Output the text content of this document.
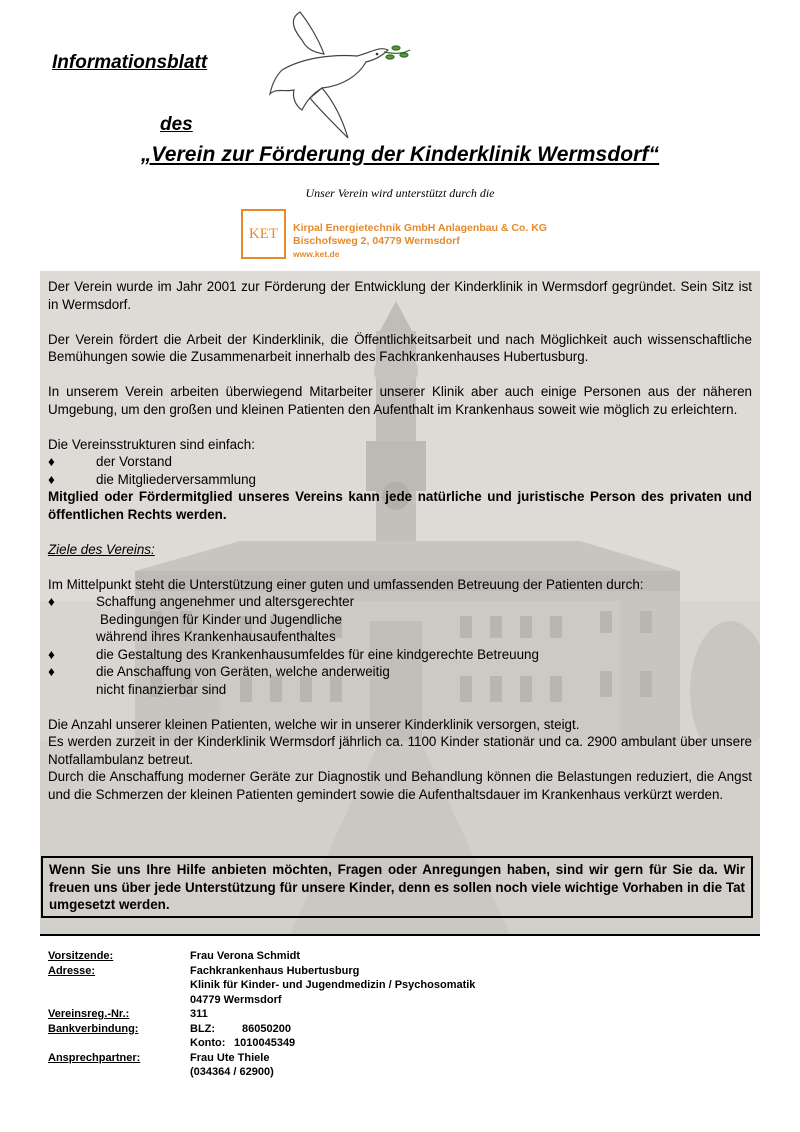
Informationsblatt
des
„Verein zur Förderung der Kinderklinik Wermsdorf“
Unser Verein wird unterstützt durch die
KET	Kirpal Energietechnik GmbH Anlagenbau & Co. KG
Bischofsweg 2, 04779 Wermsdorf
www.ket.de

Der Verein wurde im Jahr 2001 zur Förderung der Entwicklung der Kinderklinik in Wermsdorf gegründet. Sein Sitz ist in Wermsdorf.

Der Verein fördert die Arbeit der Kinderklinik, die Öffentlichkeitsarbeit und nach Möglichkeit auch wissenschaftliche Bemühungen sowie die Zusammenarbeit innerhalb des Fachkrankenhauses Hubertusburg.

In unserem Verein arbeiten überwiegend Mitarbeiter unserer Klinik aber auch einige Personen aus der näheren Umgebung, um den großen und kleinen Patienten den Aufenthalt im Krankenhaus soweit wie möglich zu erleichtern.

Die Vereinsstrukturen sind einfach:

♦	der Vorstand
♦	die Mitgliederversammlung

Mitglied oder Fördermitglied unseres Vereins kann jede natürliche und juristische Person des privaten und öffentlichen Rechts werden.

Ziele des Vereins:

Im Mittelpunkt steht die Unterstützung einer guten und umfassenden Betreuung der Patienten durch:

♦	Schaffung angenehmer und altersgerechter
Bedingungen für Kinder und Jugendliche
während ihres Krankenhausaufenthaltes
♦	die Gestaltung des Krankenhausumfeldes für eine kindgerechte Betreuung
♦	die Anschaffung von Geräten, welche anderweitig
nicht finanzierbar sind

Die Anzahl unserer kleinen Patienten, welche wir in unserer Kinderklinik versorgen, steigt.

Es werden zurzeit in der Kinderklinik Wermsdorf jährlich ca. 1100 Kinder stationär und ca. 2900 ambulant über unsere Notfallambulanz betreut.

Durch die Anschaffung moderner Geräte zur Diagnostik und Behandlung können die Belastungen reduziert, die Angst und die Schmerzen der kleinen Patienten gemindert sowie die Aufenthaltsdauer im Krankenhaus verkürzt werden.

Wenn Sie uns Ihre Hilfe anbieten möchten, Fragen oder Anregungen haben, sind wir gern für Sie da. Wir freuen uns über jede Unterstützung für unsere Kinder, denn es sollen noch viele wichtige Vorhaben in die Tat umgesetzt werden.
Vorsitzende:	Frau Verona Schmidt
Adresse:	Fachkrankenhaus Hubertusburg
Klinik für Kinder- und Jugendmedizin / Psychosomatik
04779 Wermsdorf
Vereinsreg.-Nr.:	311
Bankverbindung:	BLZ:	86050200
Konto: 1010045349
Ansprechpartner:	Frau Ute Thiele
(034364 / 62900)
